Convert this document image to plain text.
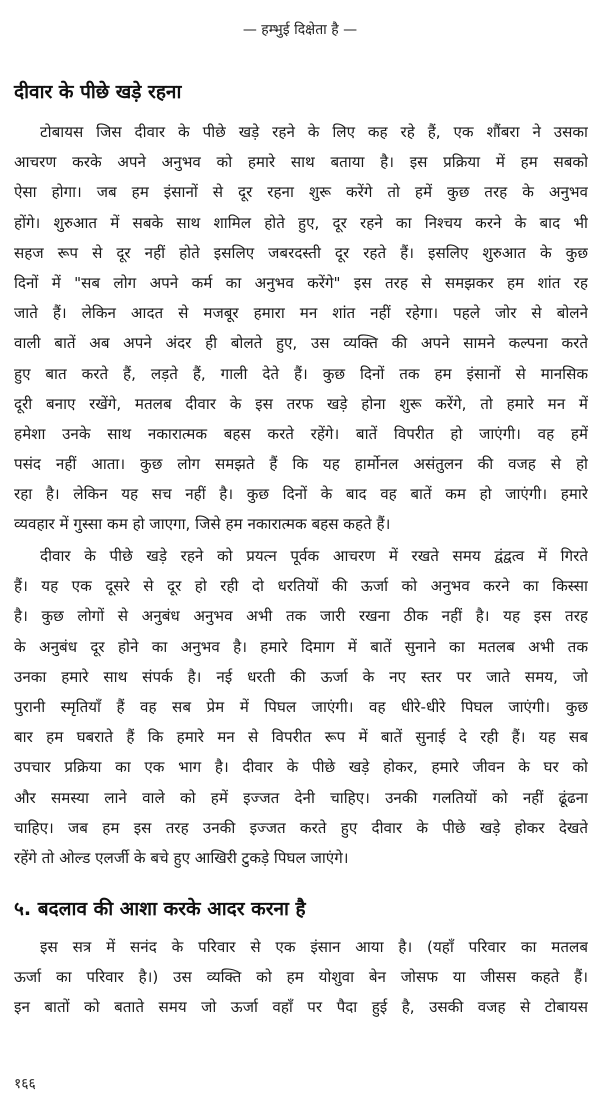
— हम्भुई दिक्षेता है —
दीवार के पीछे खड़े रहना
टोबायस जिस दीवार के पीछे खड़े रहने के लिए कह रहे हैं, एक शौंबरा ने उसका
आचरण करके अपने अनुभव को हमारे साथ बताया है। इस प्रक्रिया में हम सबको
ऐसा होगा। जब हम इंसानों से दूर रहना शुरू करेंगे तो हमें कुछ तरह के अनुभव
होंगे। शुरुआत में सबके साथ शामिल होते हुए, दूर रहने का निश्चय करने के बाद भी
सहज रूप से दूर नहीं होते इसलिए जबरदस्ती दूर रहते हैं। इसलिए शुरुआत के कुछ
दिनों में "सब लोग अपने कर्म का अनुभव करेंगे" इस तरह से समझकर हम शांत रह
जाते हैं। लेकिन आदत से मजबूर हमारा मन शांत नहीं रहेगा। पहले जोर से बोलने
वाली बातें अब अपने अंदर ही बोलते हुए, उस व्यक्ति की अपने सामने कल्पना करते
हुए बात करते हैं, लड़ते हैं, गाली देते हैं। कुछ दिनों तक हम इंसानों से मानसिक
दूरी बनाए रखेंगे, मतलब दीवार के इस तरफ खड़े होना शुरू करेंगे, तो हमारे मन में
हमेशा उनके साथ नकारात्मक बहस करते रहेंगे। बातें विपरीत हो जाएंगी। वह हमें
पसंद नहीं आता। कुछ लोग समझते हैं कि यह हार्मोनल असंतुलन की वजह से हो
रहा है। लेकिन यह सच नहीं है। कुछ दिनों के बाद वह बातें कम हो जाएंगी। हमारे
व्यवहार में गुस्सा कम हो जाएगा, जिसे हम नकारात्मक बहस कहते हैं।
दीवार के पीछे खड़े रहने को प्रयत्न पूर्वक आचरण में रखते समय द्वंद्वत्व में गिरते
हैं। यह एक दूसरे से दूर हो रही दो धरतियों की ऊर्जा को अनुभव करने का किस्सा
है। कुछ लोगों से अनुबंध अनुभव अभी तक जारी रखना ठीक नहीं है। यह इस तरह
के अनुबंध दूर होने का अनुभव है। हमारे दिमाग में बातें सुनाने का मतलब अभी तक
उनका हमारे साथ संपर्क है। नई धरती की ऊर्जा के नए स्तर पर जाते समय, जो
पुरानी स्मृतियाँ हैं वह सब प्रेम में पिघल जाएंगी। वह धीरे-धीरे पिघल जाएंगी। कुछ
बार हम घबराते हैं कि हमारे मन से विपरीत रूप में बातें सुनाई दे रही हैं। यह सब
उपचार प्रक्रिया का एक भाग है। दीवार के पीछे खड़े होकर, हमारे जीवन के घर को
और समस्या लाने वाले को हमें इज्जत देनी चाहिए। उनकी गलतियों को नहीं ढूंढना
चाहिए। जब हम इस तरह उनकी इज्जत करते हुए दीवार के पीछे खड़े होकर देखते
रहेंगे तो ओल्ड एलर्जी के बचे हुए आखिरी टुकड़े पिघल जाएंगे।
५. बदलाव की आशा करके आदर करना है
इस सत्र में सनंद के परिवार से एक इंसान आया है। (यहाँ परिवार का मतलब
ऊर्जा का परिवार है।) उस व्यक्ति को हम योशुवा बेन जोसफ या जीसस कहते हैं।
इन बातों को बताते समय जो ऊर्जा वहाँ पर पैदा हुई है, उसकी वजह से टोबायस
१६६
